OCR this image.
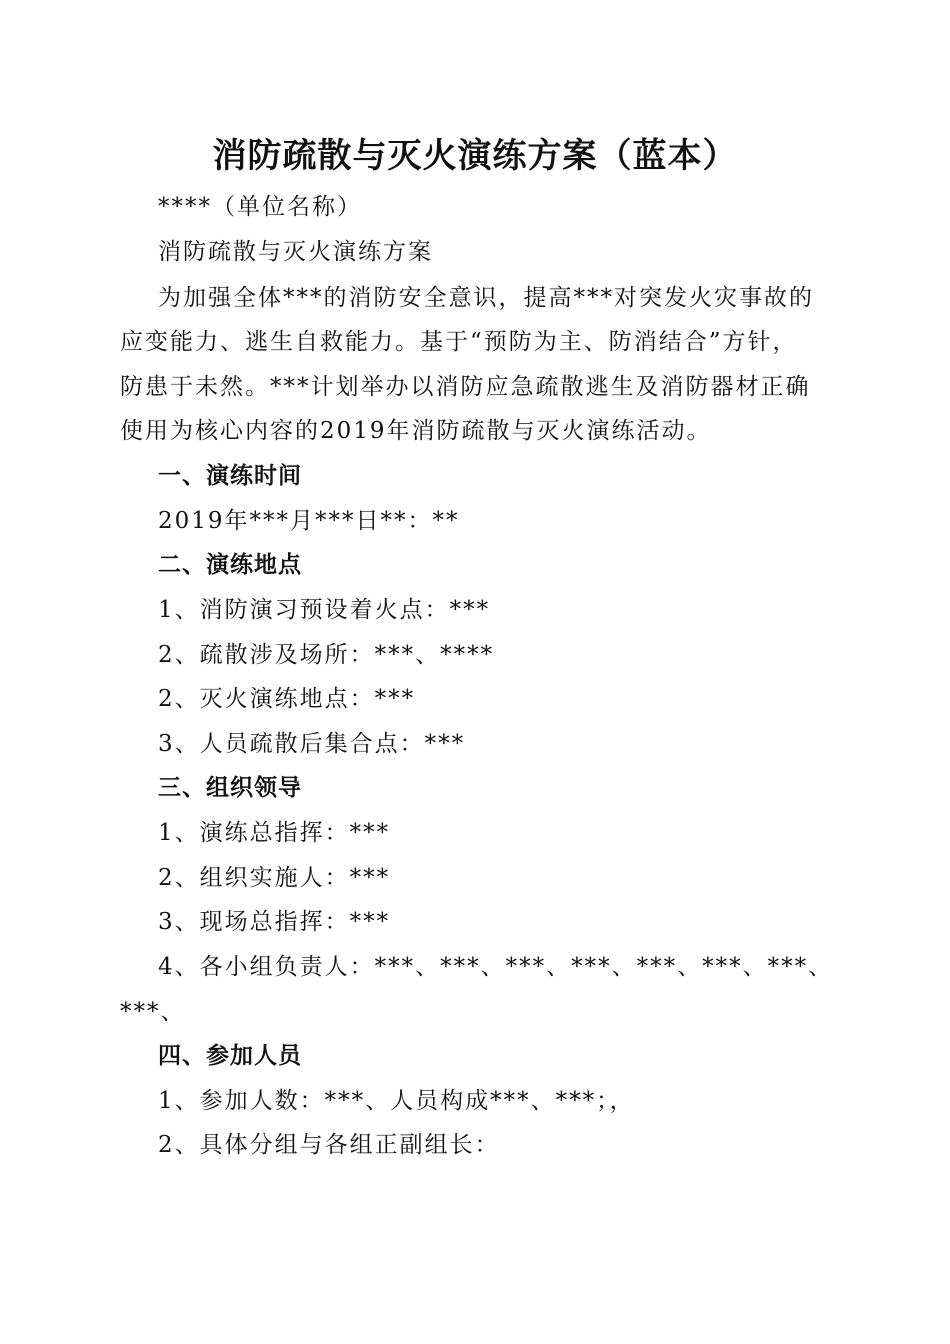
消防疏散与灭火演练方案（蓝本）
****（单位名称）
消防疏散与灭火演练方案
为加强全体***的消防安全意识，提高***对突发火灾事故的
应变能力、逃生自救能力。基于“预防为主、防消结合”方针，
防患于未然。***计划举办以消防应急疏散逃生及消防器材正确
使用为核心内容的2019年消防疏散与灭火演练活动。
一、演练时间
2019年***月***日**：**
二、演练地点
1、消防演习预设着火点：***
2、疏散涉及场所：***、****
2、灭火演练地点：***
3、人员疏散后集合点：***
三、组织领导
1、演练总指挥：***
2、组织实施人：***
3、现场总指挥：***
4、各小组负责人：***、***、***、***、***、***、***、
***、
四、参加人员
1、参加人数：***、人员构成***、***；，
2、具体分组与各组正副组长：
